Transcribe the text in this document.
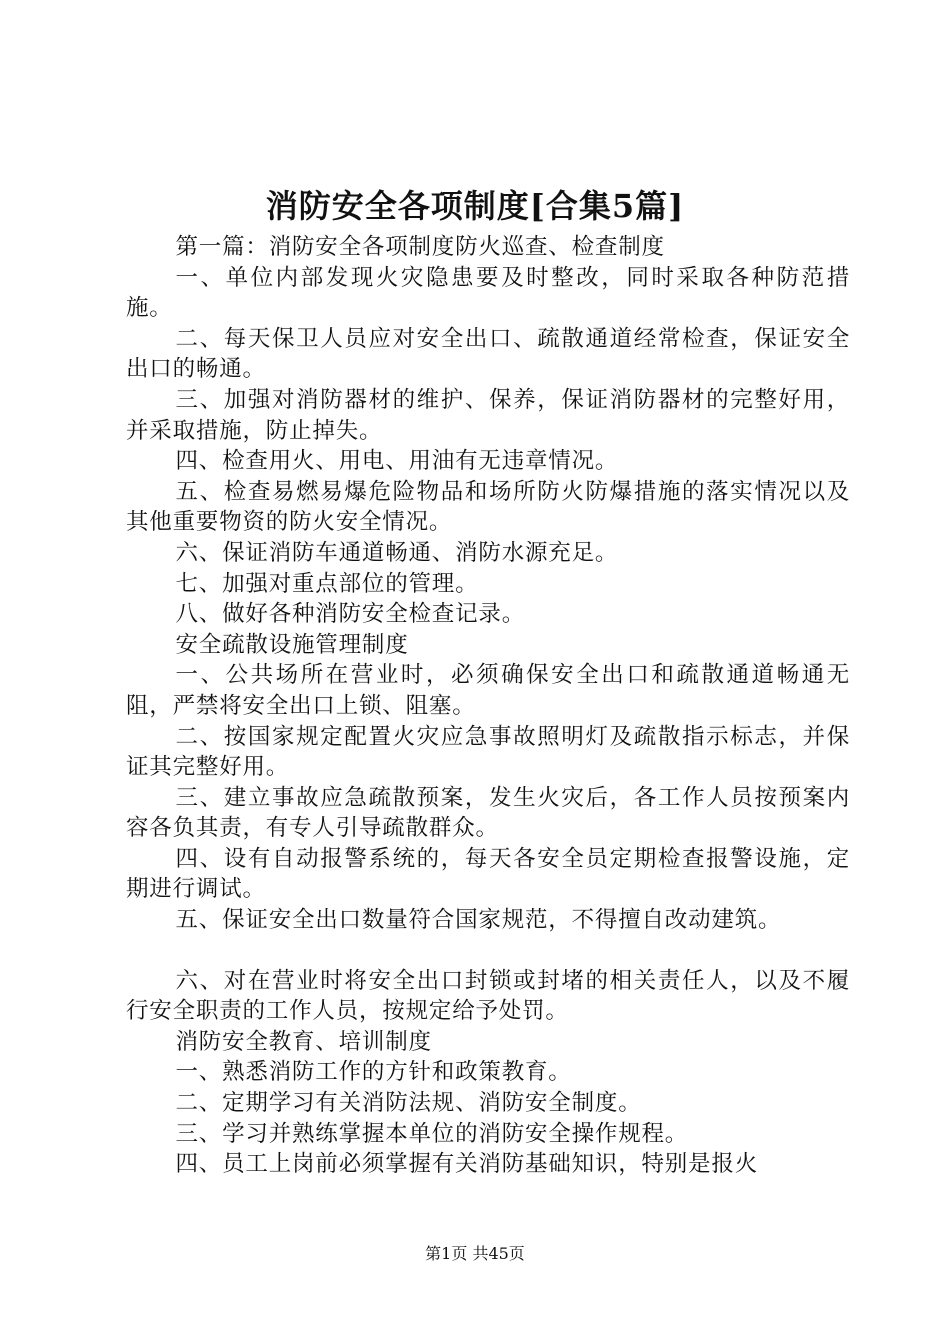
消防安全各项制度[合集5篇]

第一篇：消防安全各项制度防火巡查、检查制度

一、单位内部发现火灾隐患要及时整改，同时采取各种防范措施。

二、每天保卫人员应对安全出口、疏散通道经常检查，保证安全出口的畅通。

三、加强对消防器材的维护、保养，保证消防器材的完整好用，并采取措施，防止掉失。

四、检查用火、用电、用油有无违章情况。

五、检查易燃易爆危险物品和场所防火防爆措施的落实情况以及其他重要物资的防火安全情况。

六、保证消防车通道畅通、消防水源充足。

七、加强对重点部位的管理。

八、做好各种消防安全检查记录。

安全疏散设施管理制度

一、公共场所在营业时，必须确保安全出口和疏散通道畅通无阻，严禁将安全出口上锁、阻塞。

二、按国家规定配置火灾应急事故照明灯及疏散指示标志，并保证其完整好用。

三、建立事故应急疏散预案，发生火灾后，各工作人员按预案内容各负其责，有专人引导疏散群众。

四、设有自动报警系统的，每天各安全员定期检查报警设施，定期进行调试。

五、保证安全出口数量符合国家规范，不得擅自改动建筑。

六、对在营业时将安全出口封锁或封堵的相关责任人，以及不履行安全职责的工作人员，按规定给予处罚。

消防安全教育、培训制度

一、熟悉消防工作的方针和政策教育。

二、定期学习有关消防法规、消防安全制度。

三、学习并熟练掌握本单位的消防安全操作规程。

四、员工上岗前必须掌握有关消防基础知识，特别是报火

第1页 共45页
